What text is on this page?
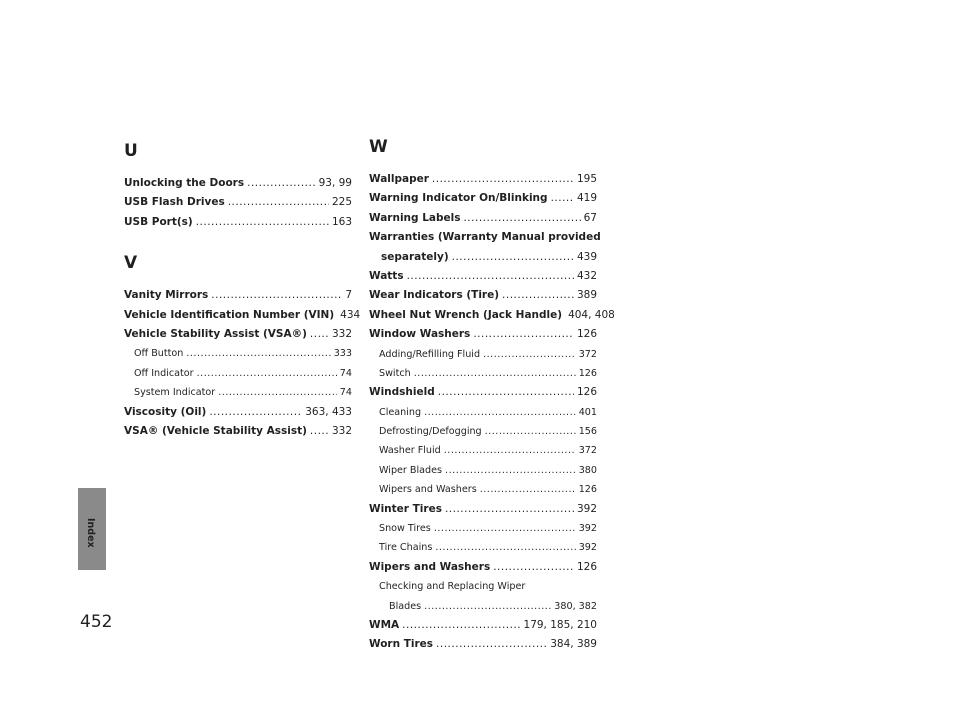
U
Unlocking the Doors .....	93, 99
USB Flash Drives .....	225
USB Port(s) .....	163
V
Vanity Mirrors .....	7
Vehicle Identification Number (VIN) 434
Vehicle Stability Assist (VSA®) ..... 332
Off Button .....	333
Off Indicator .....	74
System Indicator .....	74
Viscosity (Oil) .....	363, 433
VSA® (Vehicle Stability Assist) ..... 332
W
Wallpaper .....	195
Warning Indicator On/Blinking .....	419
Warning Labels .....	67
Warranties (Warranty Manual provided
separately) .....	439
Watts .....	432
Wear Indicators (Tire) .....	389
Wheel Nut Wrench (Jack Handle) 404, 408
Window Washers .....	126
Adding/Refilling Fluid .....	372
Switch .....	126
Windshield .....	126
Cleaning .....	401
Defrosting/Defogging .....	156
Washer Fluid .....	372
Wiper Blades .....	380
Wipers and Washers .....	126
Winter Tires .....	392
Snow Tires .....	392
Tire Chains .....	392
Wipers and Washers .....	126
Checking and Replacing Wiper
Blades .....	380, 382
WMA .....	179, 185, 210
Worn Tires .....	384, 389
Index
452
